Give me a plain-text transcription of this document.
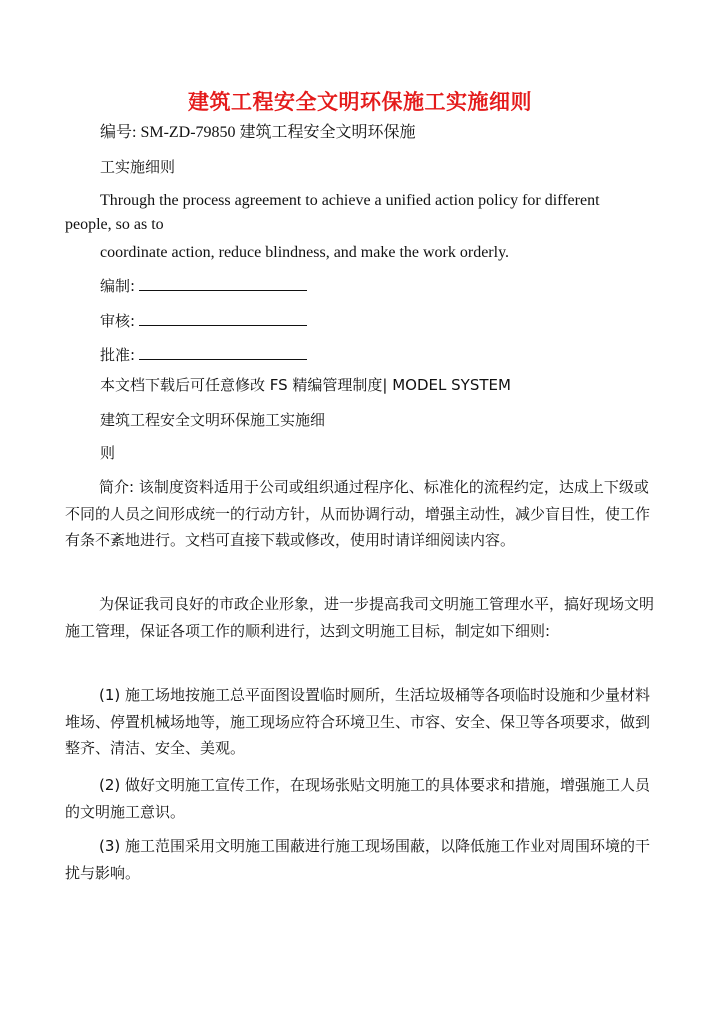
建筑工程安全文明环保施工实施细则
编号: SM-ZD-79850 建筑工程安全文明环保施
工实施细则
Through the process agreement to achieve a unified action policy for different
people, so as to
coordinate action, reduce blindness, and make the work orderly.
编制:
审核:
批准:
本文档下载后可任意修改 FS 精编管理制度| MODEL SYSTEM
建筑工程安全文明环保施工实施细
则
简介: 该制度资料适用于公司或组织通过程序化、标准化的流程约定，达成上下级或不同的人员之间形成统一的行动方针，从而协调行动，增强主动性，减少盲目性，使工作有条不紊地进行。文档可直接下载或修改，使用时请详细阅读内容。
为保证我司良好的市政企业形象，进一步提高我司文明施工管理水平，搞好现场文明施工管理，保证各项工作的顺利进行，达到文明施工目标，制定如下细则:
(1) 施工场地按施工总平面图设置临时厕所，生活垃圾桶等各项临时设施和少量材料堆场、停置机械场地等，施工现场应符合环境卫生、市容、安全、保卫等各项要求，做到整齐、清洁、安全、美观。
(2) 做好文明施工宣传工作，在现场张贴文明施工的具体要求和措施，增强施工人员的文明施工意识。
(3) 施工范围采用文明施工围蔽进行施工现场围蔽，以降低施工作业对周围环境的干扰与影响。
